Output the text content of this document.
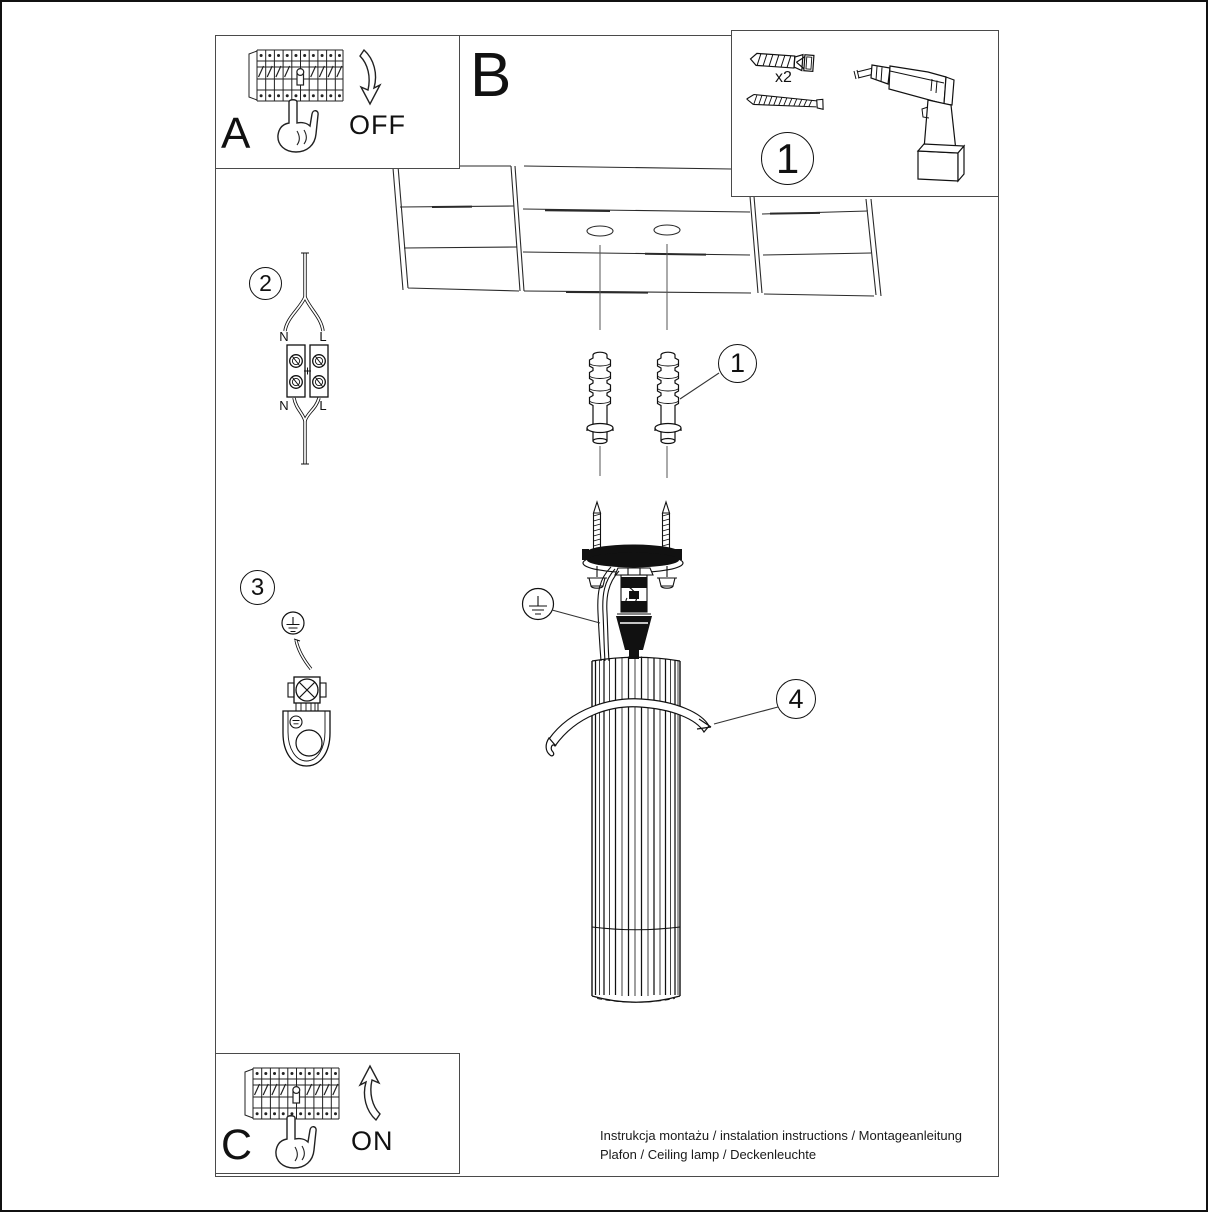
A	OFF
x2
1
C	ON
B
1
2
3
4
N	L
N	L
Instrukcja montażu / instalation instructions / Montageanleitung
Plafon / Ceiling lamp / Deckenleuchte
